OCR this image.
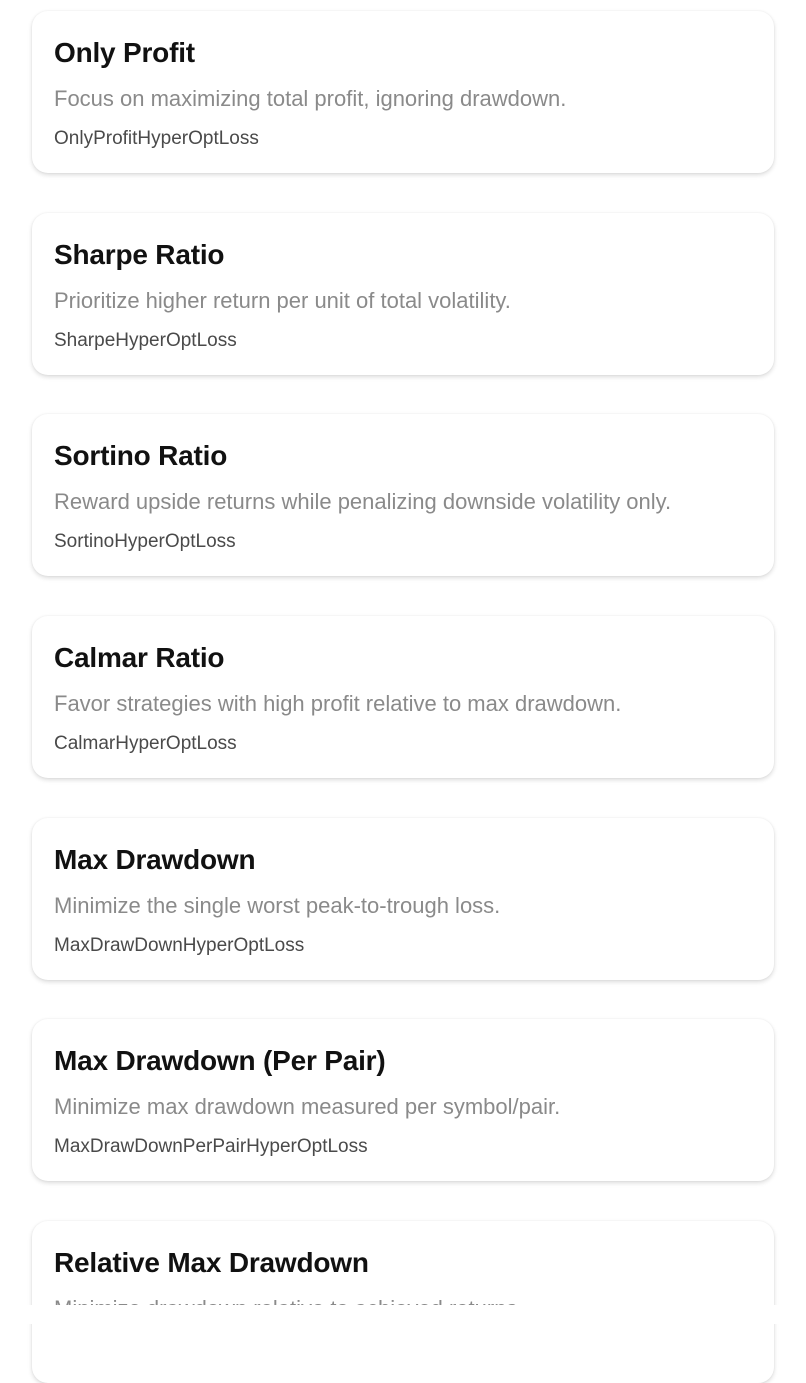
Only Profit
Focus on maximizing total profit, ignoring drawdown.
OnlyProfitHyperOptLoss
Sharpe Ratio
Prioritize higher return per unit of total volatility.
SharpeHyperOptLoss
Sortino Ratio
Reward upside returns while penalizing downside volatility only.
SortinoHyperOptLoss
Calmar Ratio
Favor strategies with high profit relative to max drawdown.
CalmarHyperOptLoss
Max Drawdown
Minimize the single worst peak-to-trough loss.
MaxDrawDownHyperOptLoss
Max Drawdown (Per Pair)
Minimize max drawdown measured per symbol/pair.
MaxDrawDownPerPairHyperOptLoss
Relative Max Drawdown
